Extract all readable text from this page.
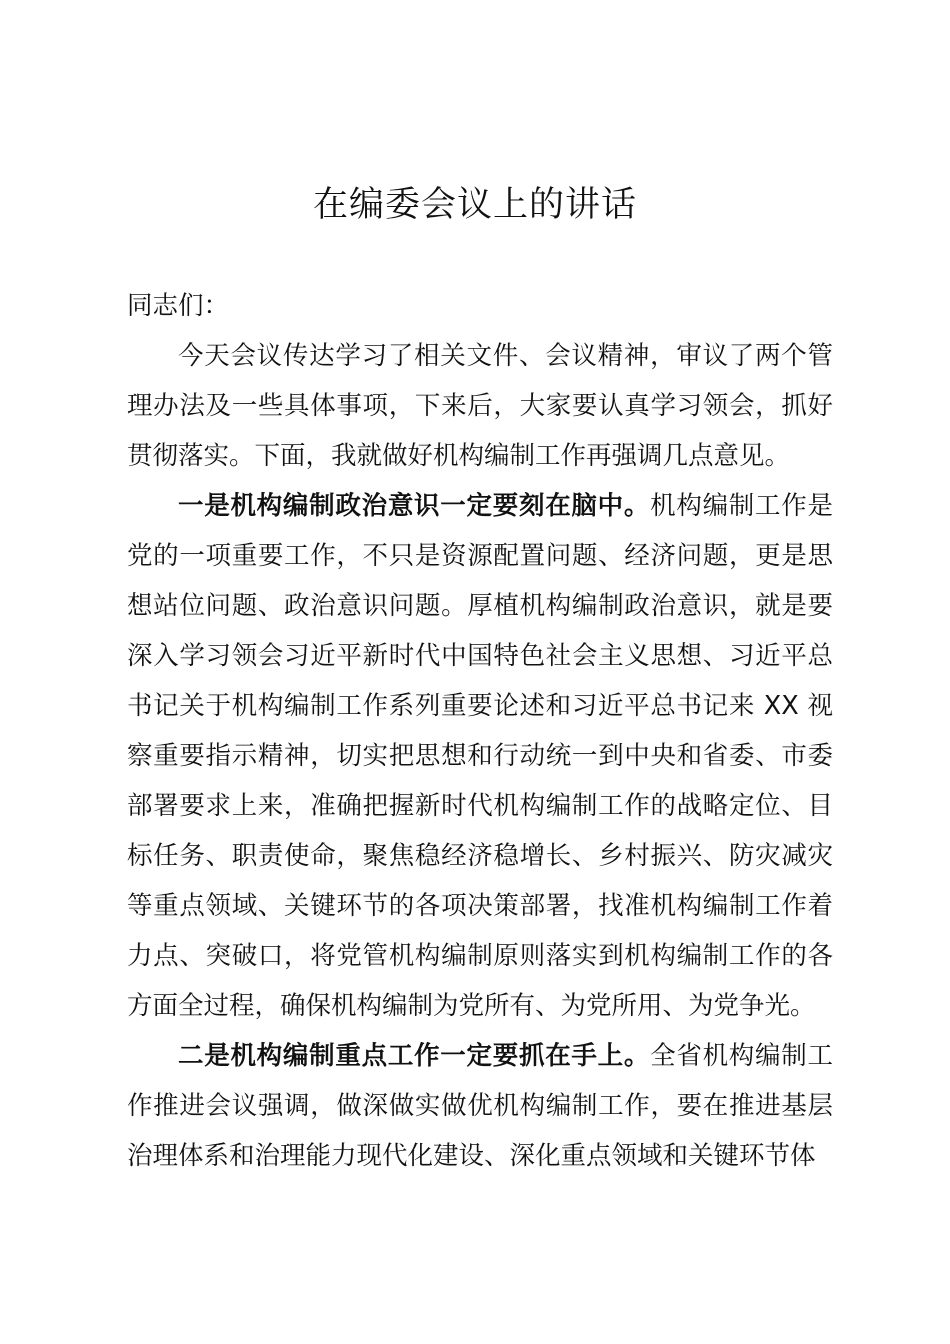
在编委会议上的讲话

同志们：

今天会议传达学习了相关文件、会议精神，审议了两个管理办法及一些具体事项，下来后，大家要认真学习领会，抓好贯彻落实。下面，我就做好机构编制工作再强调几点意见。

一是机构编制政治意识一定要刻在脑中。机构编制工作是党的一项重要工作，不只是资源配置问题、经济问题，更是思想站位问题、政治意识问题。厚植机构编制政治意识，就是要深入学习领会习近平新时代中国特色社会主义思想、习近平总书记关于机构编制工作系列重要论述和习近平总书记来 XX 视察重要指示精神，切实把思想和行动统一到中央和省委、市委部署要求上来，准确把握新时代机构编制工作的战略定位、目标任务、职责使命，聚焦稳经济稳增长、乡村振兴、防灾减灾等重点领域、关键环节的各项决策部署，找准机构编制工作着力点、突破口，将党管机构编制原则落实到机构编制工作的各方面全过程，确保机构编制为党所有、为党所用、为党争光。

二是机构编制重点工作一定要抓在手上。全省机构编制工作推进会议强调，做深做实做优机构编制工作，要在推进基层治理体系和治理能力现代化建设、深化重点领域和关键环节体
